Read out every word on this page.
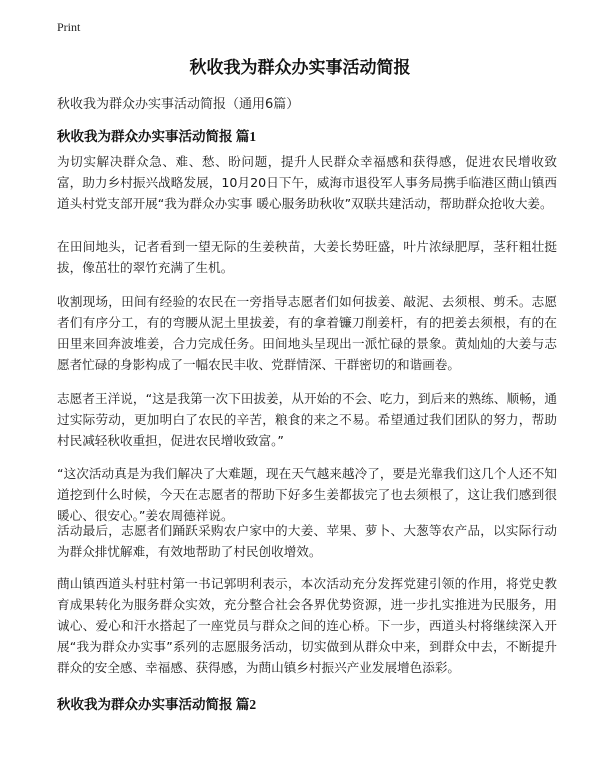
Print
秋收我为群众办实事活动简报

秋收我为群众办实事活动简报（通用6篇）

秋收我为群众办实事活动简报 篇1

为切实解决群众急、难、愁、盼问题，提升人民群众幸福感和获得感，促进农民增收致富，助力乡村振兴战略发展，10月20日下午，威海市退役军人事务局携手临港区蔄山镇西道头村党支部开展“我为群众办实事 暖心服务助秋收”双联共建活动，帮助群众抢收大姜。

在田间地头，记者看到一望无际的生姜秧苗，大姜长势旺盛，叶片浓绿肥厚，茎秆粗壮挺拔，像茁壮的翠竹充满了生机。

收割现场，田间有经验的农民在一旁指导志愿者们如何拔姜、敲泥、去须根、剪禾。志愿者们有序分工，有的弯腰从泥土里拔姜，有的拿着镰刀削姜杆，有的把姜去须根，有的在田里来回奔波堆姜，合力完成任务。田间地头呈现出一派忙碌的景象。黄灿灿的大姜与志愿者忙碌的身影构成了一幅农民丰收、党群情深、干群密切的和谐画卷。

志愿者王洋说，“这是我第一次下田拔姜，从开始的不会、吃力，到后来的熟练、顺畅，通过实际劳动，更加明白了农民的辛苦，粮食的来之不易。希望通过我们团队的努力，帮助村民减轻秋收重担，促进农民增收致富。”

“这次活动真是为我们解决了大难题，现在天气越来越冷了，要是光靠我们这几个人还不知道挖到什么时候，今天在志愿者的帮助下好多生姜都拔完了也去须根了，这让我们感到很暖心、很安心。”姜农周德祥说。

活动最后，志愿者们踊跃采购农户家中的大姜、苹果、萝卜、大葱等农产品，以实际行动为群众排忧解难，有效地帮助了村民创收增效。

蔄山镇西道头村驻村第一书记郭明利表示，本次活动充分发挥党建引领的作用，将党史教育成果转化为服务群众实效，充分整合社会各界优势资源，进一步扎实推进为民服务，用诚心、爱心和汗水搭起了一座党员与群众之间的连心桥。下一步，西道头村将继续深入开展“我为群众办实事”系列的志愿服务活动，切实做到从群众中来，到群众中去，不断提升群众的安全感、幸福感、获得感，为蔄山镇乡村振兴产业发展增色添彩。

秋收我为群众办实事活动简报 篇2
